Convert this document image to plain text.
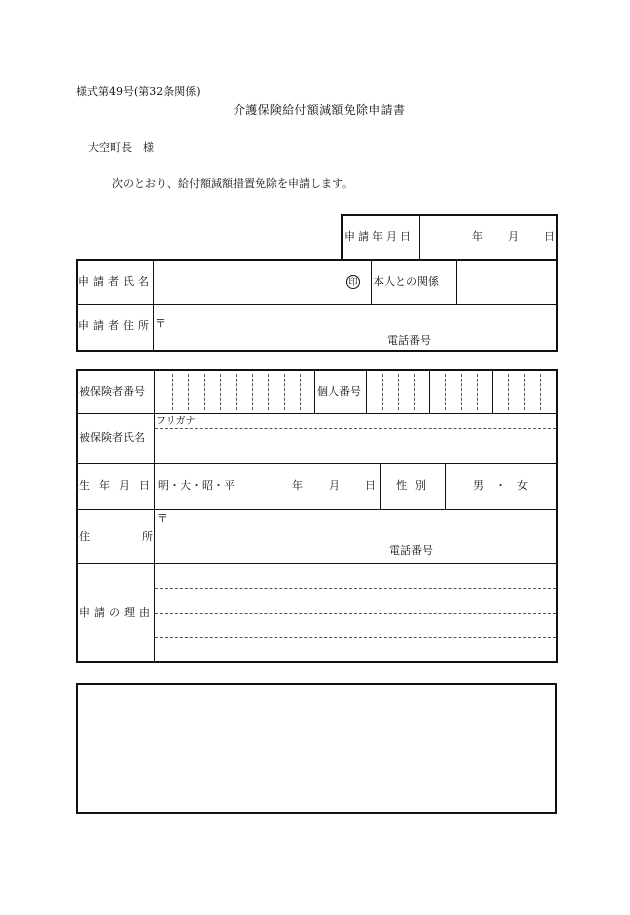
様式第49号(第32条関係)
介護保険給付額減額免除申請書
大空町長　様
次のとおり、給付額減額措置免除を申請します。
申請年月日	年 月 日
申請者氏名	印 本人との関係
申請者住所 〒
電話番号
被保険者番号	個人番号
フリガナ
被保険者氏名
生年月日 明・大・昭・平	年 月 日 性別	男　・　女
住	所
〒
電話番号
申請の理由
